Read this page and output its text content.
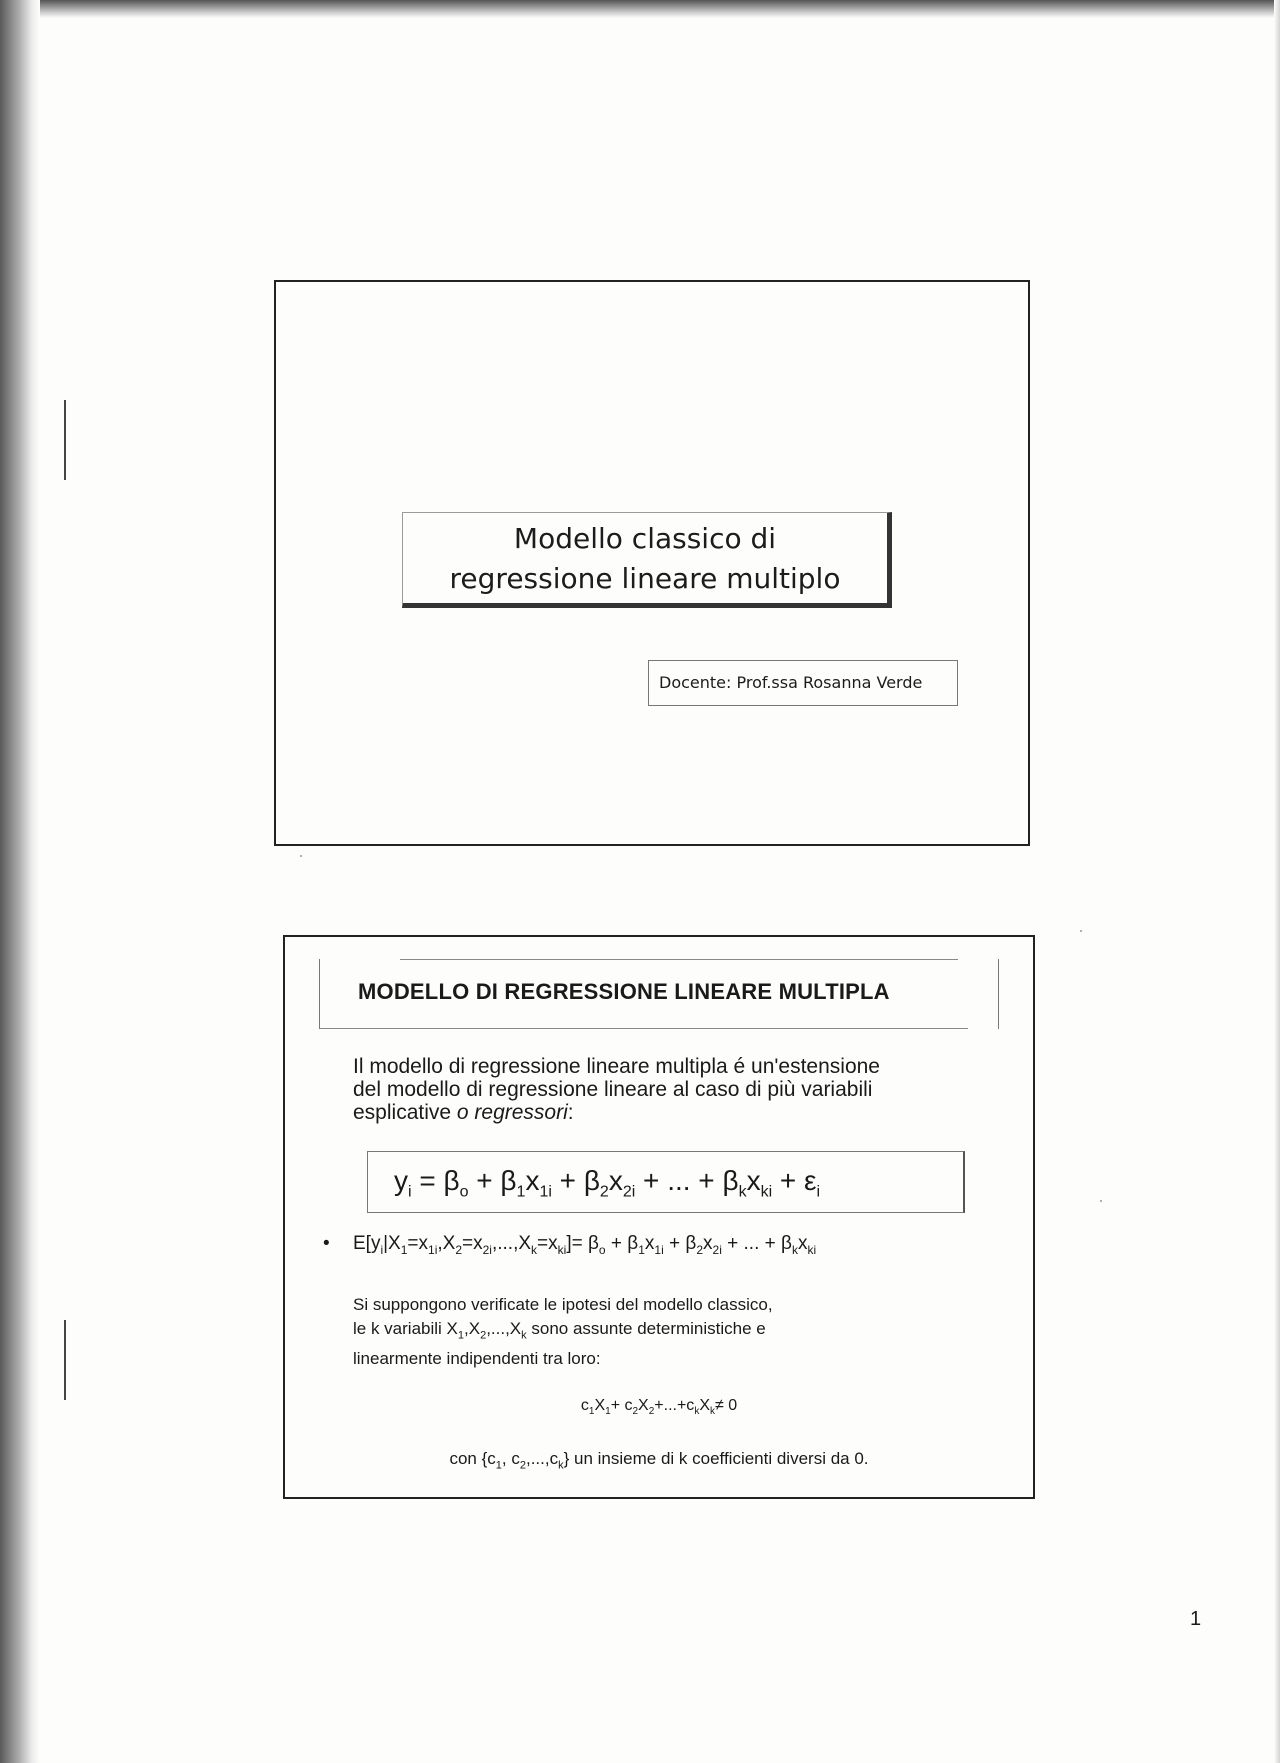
Modello classico di
regressione lineare multiplo
Docente: Prof.ssa Rosanna Verde
MODELLO DI REGRESSIONE LINEARE MULTIPLA
Il modello di regressione lineare multipla é un'estensione
del modello di regressione lineare al caso di più variabili
esplicative o regressori:
$y_i = \beta_o + \beta_1x_{1i} + \beta_2x_{2i}$ + ... + $\beta_kx_{ki} + \varepsilon_i$
• $E[y_i|X_1=x_{1i},X_2=x_{2i},...,X_k=x_{ki}]= \beta_o + \beta_1x_{1i} + \beta_2x_{2i}$ + ... + $\beta_kx_{ki}$
Si suppongono verificate le ipotesi del modello classico,
le k variabili $X_1,X_2,...,X_k$ sono assunte deterministiche e
linearmente indipendenti tra loro:
$c_1X_1+ c_2X_2+...+c_kX_k\ne 0$
con {$c_1$, $c_2,...,c_k$} un insieme di k coefficienti diversi da 0.
1
